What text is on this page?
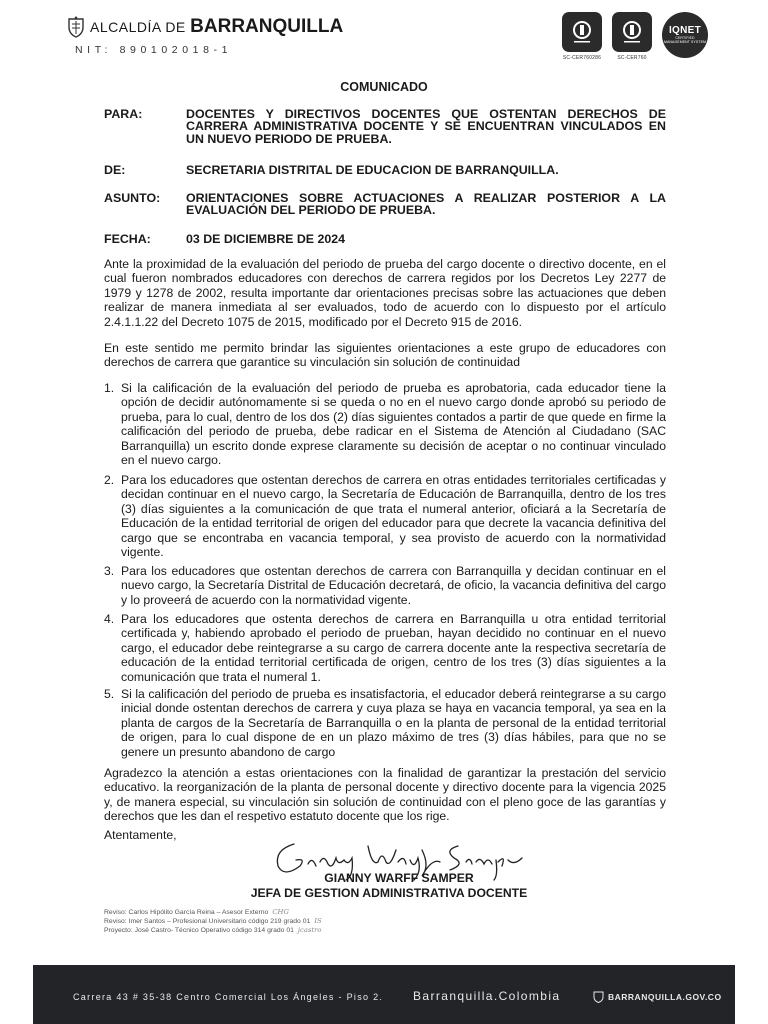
ALCALDÍA DE BARRANQUILLA
NIT: 890102018-1
SC-CER760286	SC-CER760
IQNET
CERTIFIED MANAGEMENT SYSTEM
COMUNICADO
PARA:	DOCENTES Y DIRECTIVOS DOCENTES QUE OSTENTAN DERECHOS DE CARRERA ADMINISTRATIVA DOCENTE Y SE ENCUENTRAN VINCULADOS EN UN NUEVO PERIODO DE PRUEBA.
DE:	SECRETARIA DISTRITAL DE EDUCACION DE BARRANQUILLA.
ASUNTO: ORIENTACIONES SOBRE ACTUACIONES A REALIZAR POSTERIOR A LA EVALUACIÓN DEL PERIODO DE PRUEBA.
FECHA:	03 DE DICIEMBRE DE 2024
Ante la proximidad de la evaluación del periodo de prueba del cargo docente o directivo docente, en el cual fueron nombrados educadores con derechos de carrera regidos por los Decretos Ley 2277 de 1979 y 1278 de 2002, resulta importante dar orientaciones precisas sobre las actuaciones que deben realizar de manera inmediata al ser evaluados, todo de acuerdo con lo dispuesto por el artículo 2.4.1.1.22 del Decreto 1075 de 2015, modificado por el Decreto 915 de 2016.
En este sentido me permito brindar las siguientes orientaciones a este grupo de educadores con derechos de carrera que garantice su vinculación sin solución de continuidad
1. Si la calificación de la evaluación del periodo de prueba es aprobatoria, cada educador tiene la opción de decidir autónomamente si se queda o no en el nuevo cargo donde aprobó su periodo de prueba, para lo cual, dentro de los dos (2) días siguientes contados a partir de que quede en firme la calificación del periodo de prueba, debe radicar en el Sistema de Atención al Ciudadano (SAC Barranquilla) un escrito donde exprese claramente su decisión de aceptar o no continuar vinculado en el nuevo cargo.
2. Para los educadores que ostentan derechos de carrera en otras entidades territoriales certificadas y decidan continuar en el nuevo cargo, la Secretaría de Educación de Barranquilla, dentro de los tres (3) días siguientes a la comunicación de que trata el numeral anterior, oficiará a la Secretaría de Educación de la entidad territorial de origen del educador para que decrete la vacancia definitiva del cargo que se encontraba en vacancia temporal, y sea provisto de acuerdo con la normatividad vigente.
3. Para los educadores que ostentan derechos de carrera con Barranquilla y decidan continuar en el nuevo cargo, la Secretaría Distrital de Educación decretará, de oficio, la vacancia definitiva del cargo y lo proveerá de acuerdo con la normatividad vigente.
4. Para los educadores que ostenta derechos de carrera en Barranquilla u otra entidad territorial certificada y, habiendo aprobado el periodo de prueban, hayan decidido no continuar en el nuevo cargo, el educador debe reintegrarse a su cargo de carrera docente ante la respectiva secretaría de educación de la entidad territorial certificada de origen, centro de los tres (3) días siguientes a la comunicación que trata el numeral 1.
5. Si la calificación del periodo de prueba es insatisfactoria, el educador deberá reintegrarse a su cargo inicial donde ostentan derechos de carrera y cuya plaza se haya en vacancia temporal, ya sea en la planta de cargos de la Secretaría de Barranquilla o en la planta de personal de la entidad territorial de origen, para lo cual dispone de en un plazo máximo de tres (3) días hábiles, para que no se genere un presunto abandono de cargo
Agradezco la atención a estas orientaciones con la finalidad de garantizar la prestación del servicio educativo. la reorganización de la planta de personal docente y directivo docente para la vigencia 2025 y, de manera especial, su vinculación sin solución de continuidad con el pleno goce de las garantías y derechos que les dan el respetivo estatuto docente que los rige.
Atentamente,
GIANNY WARFF SAMPER
JEFA DE GESTION ADMINISTRATIVA DOCENTE
Reviso: Carlos Hipólito García Reina – Asesor Externo CHG
Reviso: Imer Santos – Profesional Universitario código 219 grado 01 IS
Proyecto: José Castro- Técnico Operativo código 314 grado 01 jcastro
Carrera 43 # 35-38 Centro Comercial Los Ángeles - Piso 2. Barranquilla.Colombia	BARRANQUILLA.GOV.CO
